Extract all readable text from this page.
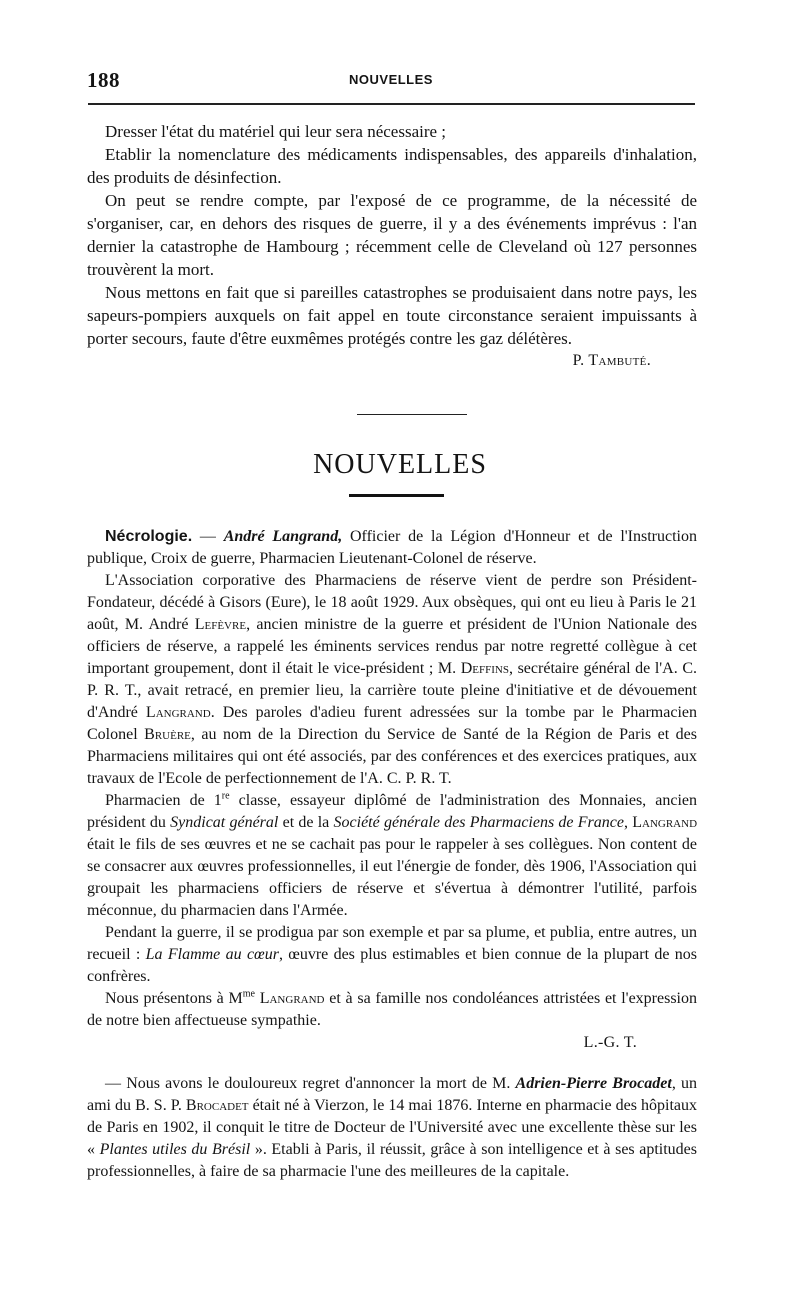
188	NOUVELLES

Dresser l'état du matériel qui leur sera nécessaire ;

Etablir la nomenclature des médicaments indispensables, des appareils d'inhalation, des produits de désinfection.

On peut se rendre compte, par l'exposé de ce programme, de la nécessité de s'organiser, car, en dehors des risques de guerre, il y a des événements imprévus : l'an dernier la catastrophe de Hambourg ; récemment celle de Cleveland où 127 personnes trouvèrent la mort.

Nous mettons en fait que si pareilles catastrophes se produisaient dans notre pays, les sapeurs-pompiers auxquels on fait appel en toute circonstance seraient impuissants à porter secours, faute d'être euxmêmes protégés contre les gaz délétères.

P. Tambuté.

NOUVELLES

Nécrologie. — André Langrand, Officier de la Légion d'Honneur et de l'Instruction publique, Croix de guerre, Pharmacien Lieutenant-Colonel de réserve.

L'Association corporative des Pharmaciens de réserve vient de perdre son Président-Fondateur, décédé à Gisors (Eure), le 18 août 1929. Aux obsèques, qui ont eu lieu à Paris le 21 août, M. André Lefèvre, ancien ministre de la guerre et président de l'Union Nationale des officiers de réserve, a rappelé les éminents services rendus par notre regretté collègue à cet important groupement, dont il était le vice-président ; M. Deffins, secrétaire général de l'A. C. P. R. T., avait retracé, en premier lieu, la carrière toute pleine d'initiative et de dévouement d'André Langrand. Des paroles d'adieu furent adressées sur la tombe par le Pharmacien Colonel Bruère, au nom de la Direction du Service de Santé de la Région de Paris et des Pharmaciens militaires qui ont été associés, par des conférences et des exercices pratiques, aux travaux de l'Ecole de perfectionnement de l'A. C. P. R. T.

Pharmacien de 1re classe, essayeur diplômé de l'administration des Monnaies, ancien président du Syndicat général et de la Société générale des Pharmaciens de France, Langrand était le fils de ses œuvres et ne se cachait pas pour le rappeler à ses collègues. Non content de se consacrer aux œuvres professionnelles, il eut l'énergie de fonder, dès 1906, l'Association qui groupait les pharmaciens officiers de réserve et s'évertua à démontrer l'utilité, parfois méconnue, du pharmacien dans l'Armée.

Pendant la guerre, il se prodigua par son exemple et par sa plume, et publia, entre autres, un recueil : La Flamme au cœur, œuvre des plus estimables et bien connue de la plupart de nos confrères.

Nous présentons à $M^{me}$ Langrand et à sa famille nos condoléances attristées et l'expression de notre bien affectueuse sympathie.

L.-G. T.

— Nous avons le douloureux regret d'annoncer la mort de M. Adrien-Pierre Brocadet, un ami du B. S. P. Brocadet était né à Vierzon, le 14 mai 1876. Interne en pharmacie des hôpitaux de Paris en 1902, il conquit le titre de Docteur de l'Université avec une excellente thèse sur les « Plantes utiles du Brésil ». Etabli à Paris, il réussit, grâce à son intelligence et à ses aptitudes professionnelles, à faire de sa pharmacie l'une des meilleures de la capitale.
